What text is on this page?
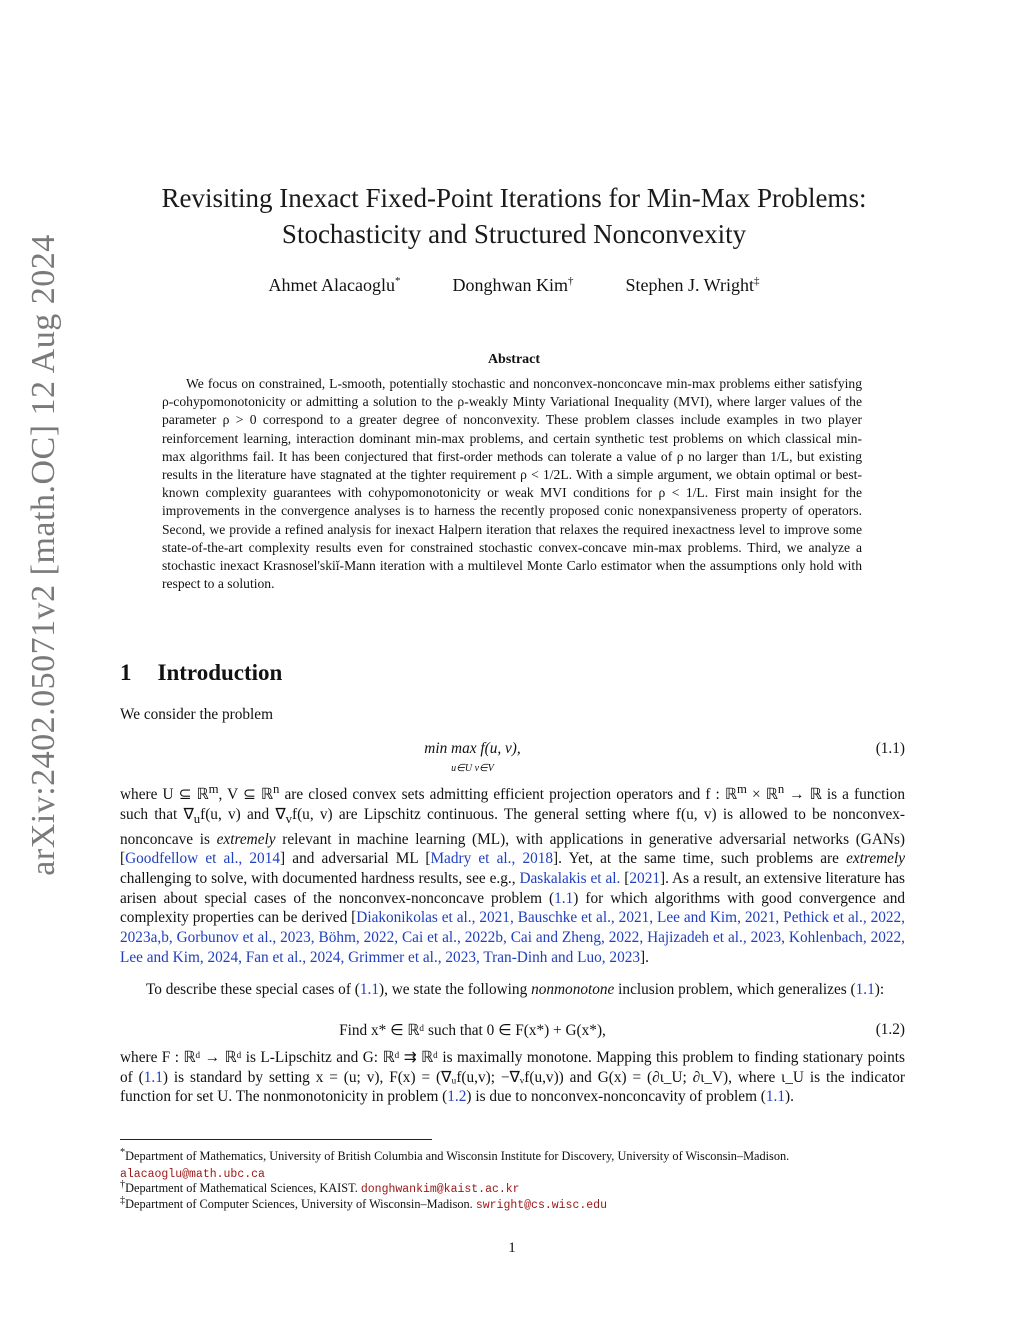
arXiv:2402.05071v2 [math.OC] 12 Aug 2024
Revisiting Inexact Fixed-Point Iterations for Min-Max Problems:
Stochasticity and Structured Nonconvexity
Ahmet Alacaoglu*	Donghwan Kim†	Stephen J. Wright‡
Abstract
We focus on constrained, L-smooth, potentially stochastic and nonconvex-nonconcave min-max problems either satisfying ρ-cohypomonotonicity or admitting a solution to the ρ-weakly Minty Variational Inequality (MVI), where larger values of the parameter ρ > 0 correspond to a greater degree of nonconvexity. These problem classes include examples in two player reinforcement learning, interaction dominant min-max problems, and certain synthetic test problems on which classical min-max algorithms fail. It has been conjectured that first-order methods can tolerate a value of ρ no larger than 1/L, but existing results in the literature have stagnated at the tighter requirement ρ < 1/2L. With a simple argument, we obtain optimal or best-known complexity guarantees with cohypomonotonicity or weak MVI conditions for ρ < 1/L. First main insight for the improvements in the convergence analyses is to harness the recently proposed conic nonexpansiveness property of operators. Second, we provide a refined analysis for inexact Halpern iteration that relaxes the required inexactness level to improve some state-of-the-art complexity results even for constrained stochastic convex-concave min-max problems. Third, we analyze a stochastic inexact Krasnosel'skiĭ-Mann iteration with a multilevel Monte Carlo estimator when the assumptions only hold with respect to a solution.
1 Introduction
We consider the problem
min max f(u, v),
u∈U v∈V
(1.1)
where U ⊆ ℝ$^m$, V ⊆ ℝ$^n$ are closed convex sets admitting efficient projection operators and f : ℝ$^m$ × ℝ$^n$ → ℝ is a function such that $\nabla_uf(u$, v) and $\nabla_vf(u$, v) are Lipschitz continuous. The general setting where f(u, v) is allowed to be nonconvex-nonconcave is extremely relevant in machine learning (ML), with applications in generative adversarial networks (GANs) [Goodfellow et al., 2014] and adversarial ML [Madry et al., 2018]. Yet, at the same time, such problems are extremely challenging to solve, with documented hardness results, see e.g., Daskalakis et al. [2021]. As a result, an extensive literature has arisen about special cases of the nonconvex-nonconcave problem (1.1) for which algorithms with good convergence and complexity properties can be derived [Diakonikolas et al., 2021, Bauschke et al., 2021, Lee and Kim, 2021, Pethick et al., 2022, 2023a,b, Gorbunov et al., 2023, Böhm, 2022, Cai et al., 2022b, Cai and Zheng, 2022, Hajizadeh et al., 2023, Kohlenbach, 2022, Lee and Kim, 2024, Fan et al., 2024, Grimmer et al., 2023, Tran-Dinh and Luo, 2023].
To describe these special cases of (1.1), we state the following nonmonotone inclusion problem, which generalizes (1.1):
Find x* ∈ ℝᵈ such that 0 ∈ F(x*) + G(x*),	(1.2)
where F : ℝᵈ → ℝᵈ is L-Lipschitz and G: ℝᵈ ⇉ ℝᵈ is maximally monotone. Mapping this problem to finding stationary points of (1.1) is standard by setting x = (u; v), F(x) = (∇ᵤf(u,v); −∇ᵥf(u,v)) and G(x) = (∂ι_U; ∂ι_V), where ι_U is the indicator function for set U. The nonmonotonicity in problem (1.2) is due to nonconvex-nonconcavity of problem (1.1).
*Department of Mathematics, University of British Columbia and Wisconsin Institute for Discovery, University of Wisconsin–Madison. alacaoglu@math.ubc.ca
†Department of Mathematical Sciences, KAIST. donghwankim@kaist.ac.kr
‡Department of Computer Sciences, University of Wisconsin–Madison. swright@cs.wisc.edu
1
